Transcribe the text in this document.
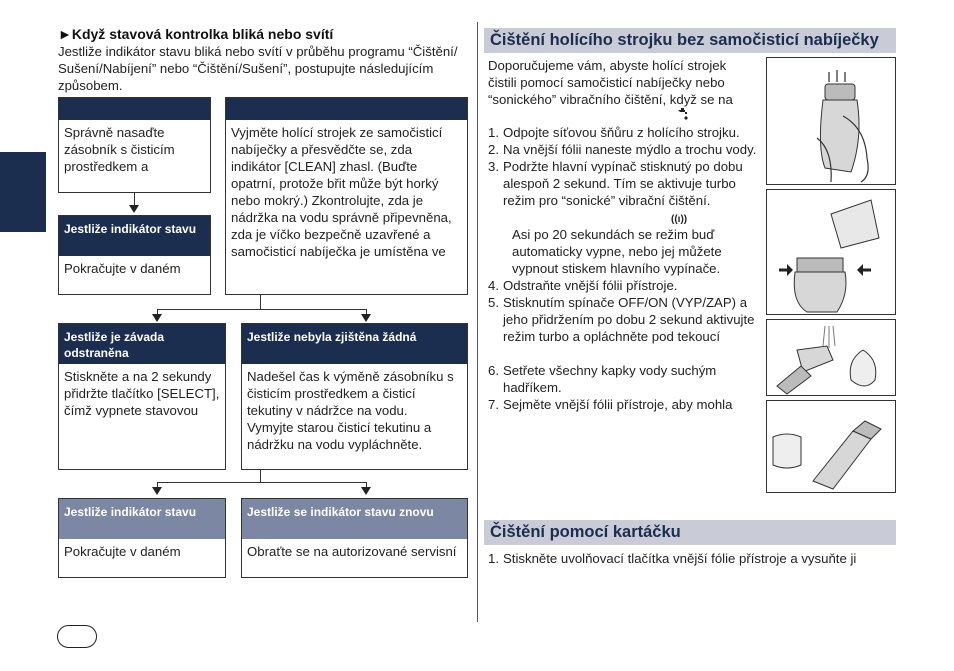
Česky
►Když stavová kontrolka bliká nebo svítí
Jestliže indikátor stavu bliká nebo svítí v průběhu programu “Čištění/
Sušení/Nabíjení” nebo “Čištění/Sušení”, postupujte následujícím
způsobem.
Správně nasaďte
zásobník s čisticím
prostředkem a
Vyjměte holící strojek ze samočisticí
nabíječky a přesvědčte se, zda
indikátor [CLEAN] zhasl. (Buďte
opatrní, protože břit může být horký
nebo mokrý.) Zkontrolujte, zda je
nádržka na vodu správně připevněna,
zda je víčko bezpečně uzavřené a
samočisticí nabíječka je umístěna ve
Jestliže indikátor stavu
Pokračujte v daném
Jestliže je závada
odstraněna
Stiskněte a na 2 sekundy
přidržte tlačítko [SELECT],
čímž vypnete stavovou
Jestliže nebyla zjištěna žádná
Nadešel čas k výměně zásobníku s
čisticím prostředkem a čisticí
tekutiny v nádržce na vodu.
Vymyjte starou čisticí tekutinu a
nádržku na vodu vypláchněte.
Jestliže indikátor stavu
Pokračujte v daném
Jestliže se indikátor stavu znovu
Obraťte se na autorizované servisní
Čištění holícího strojku bez samočisticí nabíječky
Doporučujeme vám, abyste holící strojek
čistili pomocí samočisticí nabíječky nebo
“sonického” vibračního čištění, když se na
1. Odpojte síťovou šňůru z holícího strojku.
2. Na vnější fólii naneste mýdlo a trochu vody.
3. Podržte hlavní vypínač stisknutý po dobu
alespoň 2 sekund. Tím se aktivuje turbo
režim pro “sonické” vibrační čištění.
((ı))
Asi po 20 sekundách se režim buď
automaticky vypne, nebo jej můžete
vypnout stiskem hlavního vypínače.
4. Odstraňte vnější fólii přístroje.
5. Stisknutím spínače OFF/ON (VYP/ZAP) a
jeho přidržením po dobu 2 sekund aktivujte
režim turbo a opláchněte pod tekoucí
6. Setřete všechny kapky vody suchým
hadříkem.
7. Sejměte vnější fólii přístroje, aby mohla
Čištění pomocí kartáčku
1. Stiskněte uvolňovací tlačítka vnější fólie přístroje a vysuňte ji
